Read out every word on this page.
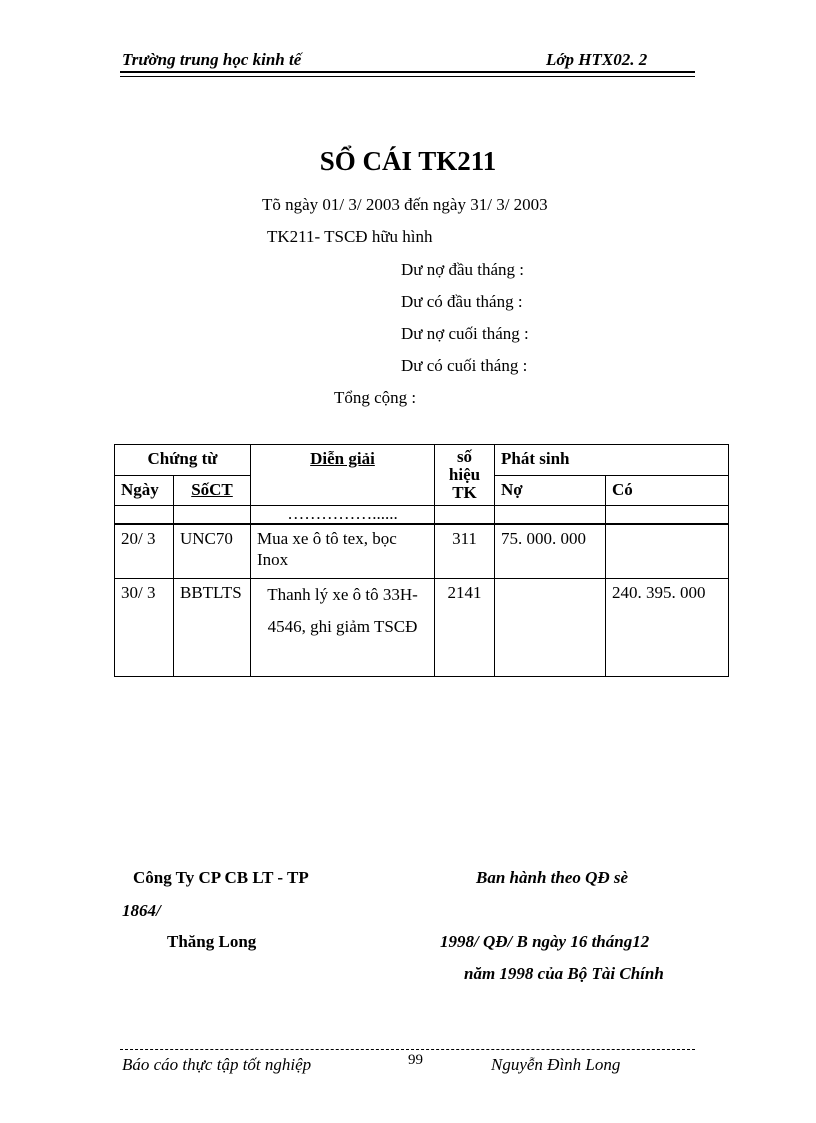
Trường trung học kinh tế	Lớp HTX02. 2
SỔ CÁI TK211
Tõ ngày 01/ 3/ 2003 đến ngày 31/ 3/ 2003
TK211- TSCĐ hữu hình
Dư nợ đầu tháng :
Dư có đầu tháng :
Dư nợ cuối tháng :
Dư có cuối tháng :
Tổng cộng :
Chứng từ		Diễn giải	số hiệu TK	Phát sinh	
Ngày	SốCT			Nợ	Có
		……………......			
20/ 3	UNC70	Mua xe ô tô tex, bọc Inox	311	75. 000. 000	
30/ 3	BBTLTS	Thanh lý xe ô tô 33H- 4546, ghi giảm TSCĐ	2141		240. 395. 000
Công Ty CP CB LT - TP
1864/
Thăng Long
Ban hành theo QĐ sè
1998/ QĐ/ B ngày 16 tháng12
năm 1998 của Bộ Tài Chính
Báo cáo thực tập tốt nghiệp	99	Nguyễn Đình Long
